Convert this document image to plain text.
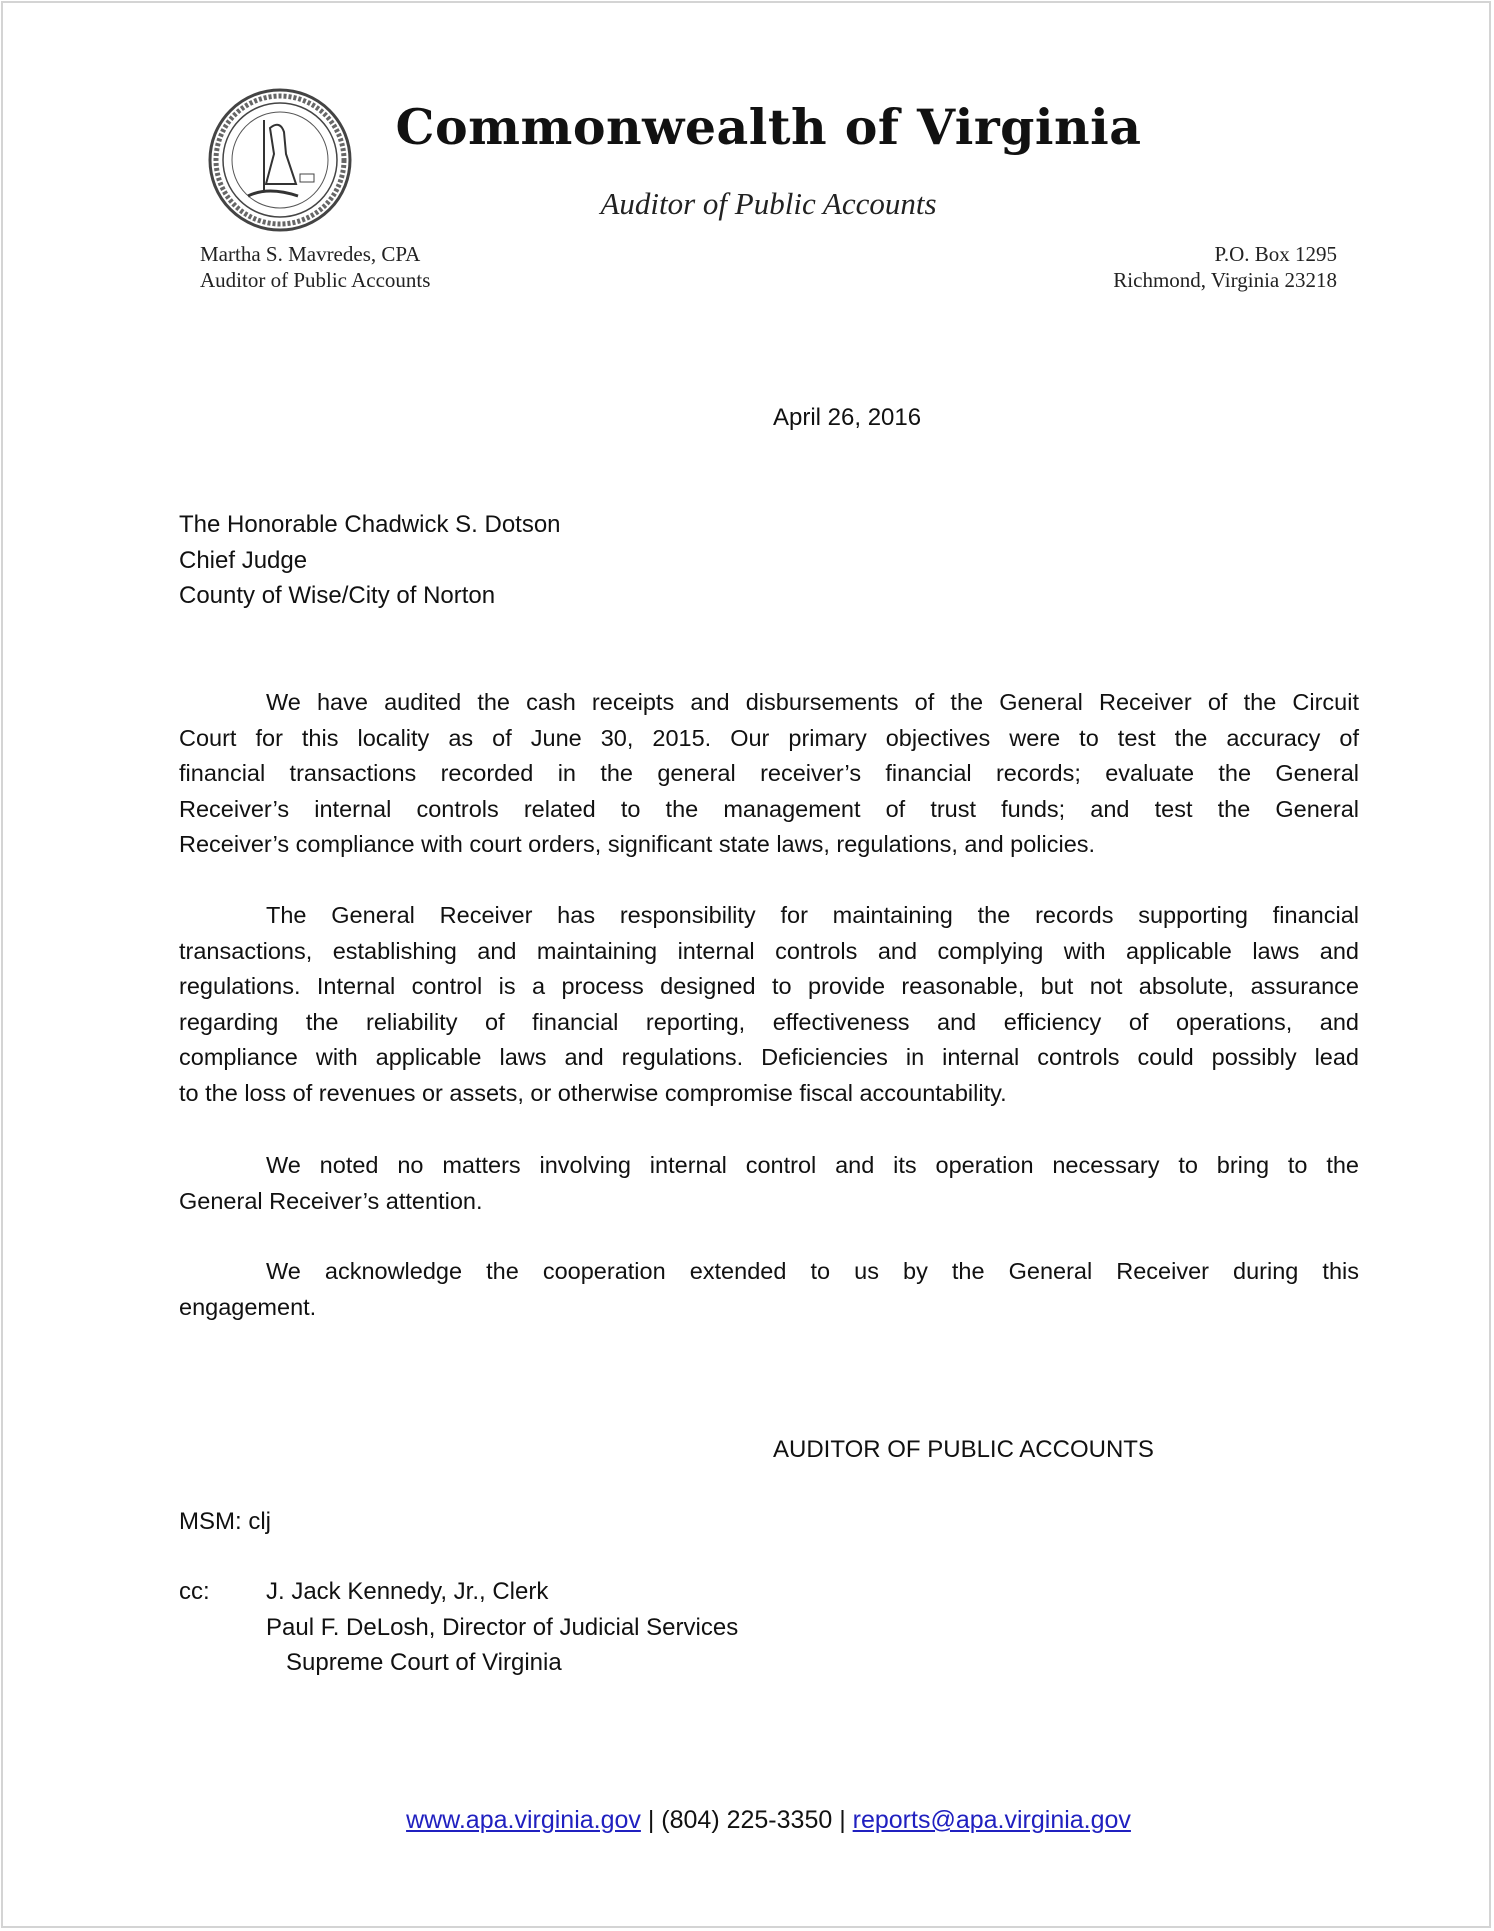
Commonwealth of Virginia
Auditor of Public Accounts
Martha S. Mavredes, CPA
Auditor of Public Accounts
P.O. Box 1295
Richmond, Virginia 23218
April 26, 2016
The Honorable Chadwick S. Dotson
Chief Judge
County of Wise/City of Norton
We have audited the cash receipts and disbursements of the General Receiver of the Circuit
Court for this locality as of June 30, 2015. Our primary objectives were to test the accuracy of
financial transactions recorded in the general receiver’s financial records; evaluate the General
Receiver’s internal controls related to the management of trust funds; and test the General
Receiver’s compliance with court orders, significant state laws, regulations, and policies.
The General Receiver has responsibility for maintaining the records supporting financial
transactions, establishing and maintaining internal controls and complying with applicable laws and
regulations. Internal control is a process designed to provide reasonable, but not absolute, assurance
regarding the reliability of financial reporting, effectiveness and efficiency of operations, and
compliance with applicable laws and regulations. Deficiencies in internal controls could possibly lead
to the loss of revenues or assets, or otherwise compromise fiscal accountability.
We noted no matters involving internal control and its operation necessary to bring to the
General Receiver’s attention.
We acknowledge the cooperation extended to us by the General Receiver during this
engagement.
AUDITOR OF PUBLIC ACCOUNTS
MSM: clj
cc: J. Jack Kennedy, Jr., Clerk
Paul F. DeLosh, Director of Judicial Services
Supreme Court of Virginia
www.apa.virginia.gov | (804) 225-3350 | reports@apa.virginia.gov
